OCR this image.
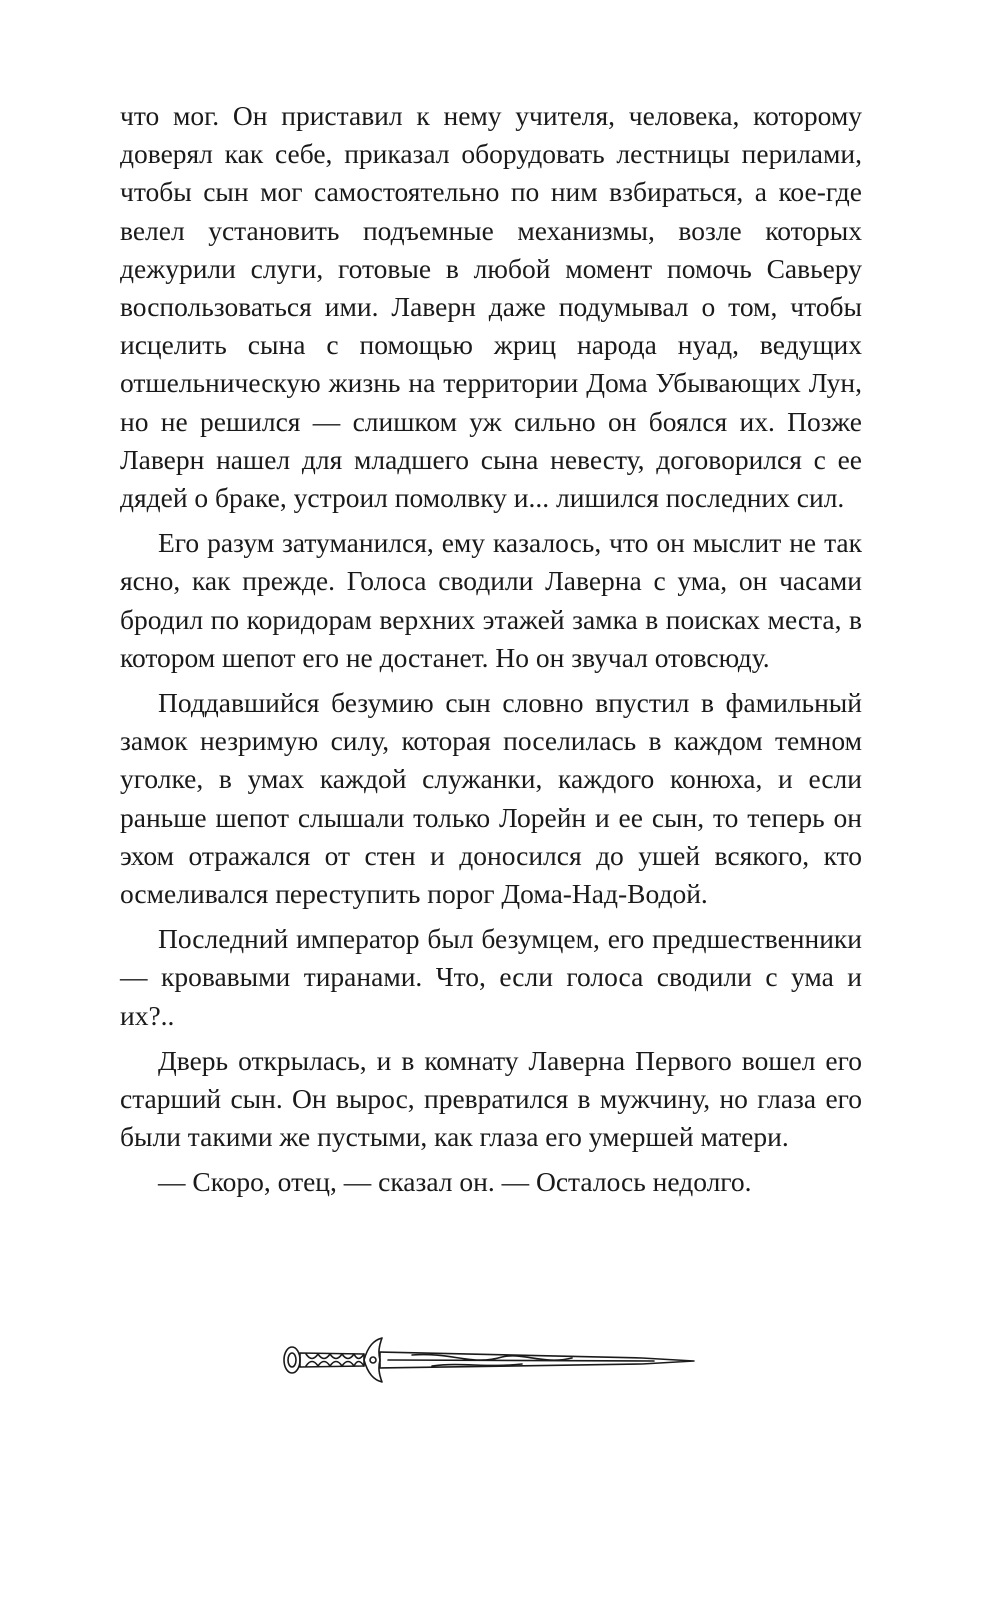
что мог. Он приставил к нему учителя, человека, которому доверял как себе, приказал оборудовать лестницы перилами, чтобы сын мог самостоятельно по ним взбираться, а кое-где велел установить подъемные механизмы, возле которых дежурили слуги, готовые в любой момент помочь Савьеру воспользоваться ими. Лаверн даже подумывал о том, чтобы исцелить сына с помощью жриц народа нуад, ведущих отшельническую жизнь на территории Дома Убывающих Лун, но не решился — слишком уж сильно он боялся их. Позже Лаверн нашел для младшего сына невесту, договорился с ее дядей о браке, устроил помолвку и... лишился последних сил.

Его разум затуманился, ему казалось, что он мыслит не так ясно, как прежде. Голоса сводили Лаверна с ума, он часами бродил по коридорам верхних этажей замка в поисках места, в котором шепот его не достанет. Но он звучал отовсюду.

Поддавшийся безумию сын словно впустил в фамильный замок незримую силу, которая поселилась в каждом темном уголке, в умах каждой служанки, каждого конюха, и если раньше шепот слышали только Лорейн и ее сын, то теперь он эхом отражался от стен и доносился до ушей всякого, кто осмеливался переступить порог Дома-Над-Водой.

Последний император был безумцем, его предшественники — кровавыми тиранами. Что, если голоса сводили с ума и их?..

Дверь открылась, и в комнату Лаверна Первого вошел его старший сын. Он вырос, превратился в мужчину, но глаза его были такими же пустыми, как глаза его умершей матери.

— Скоро, отец, — сказал он. — Осталось недолго.
